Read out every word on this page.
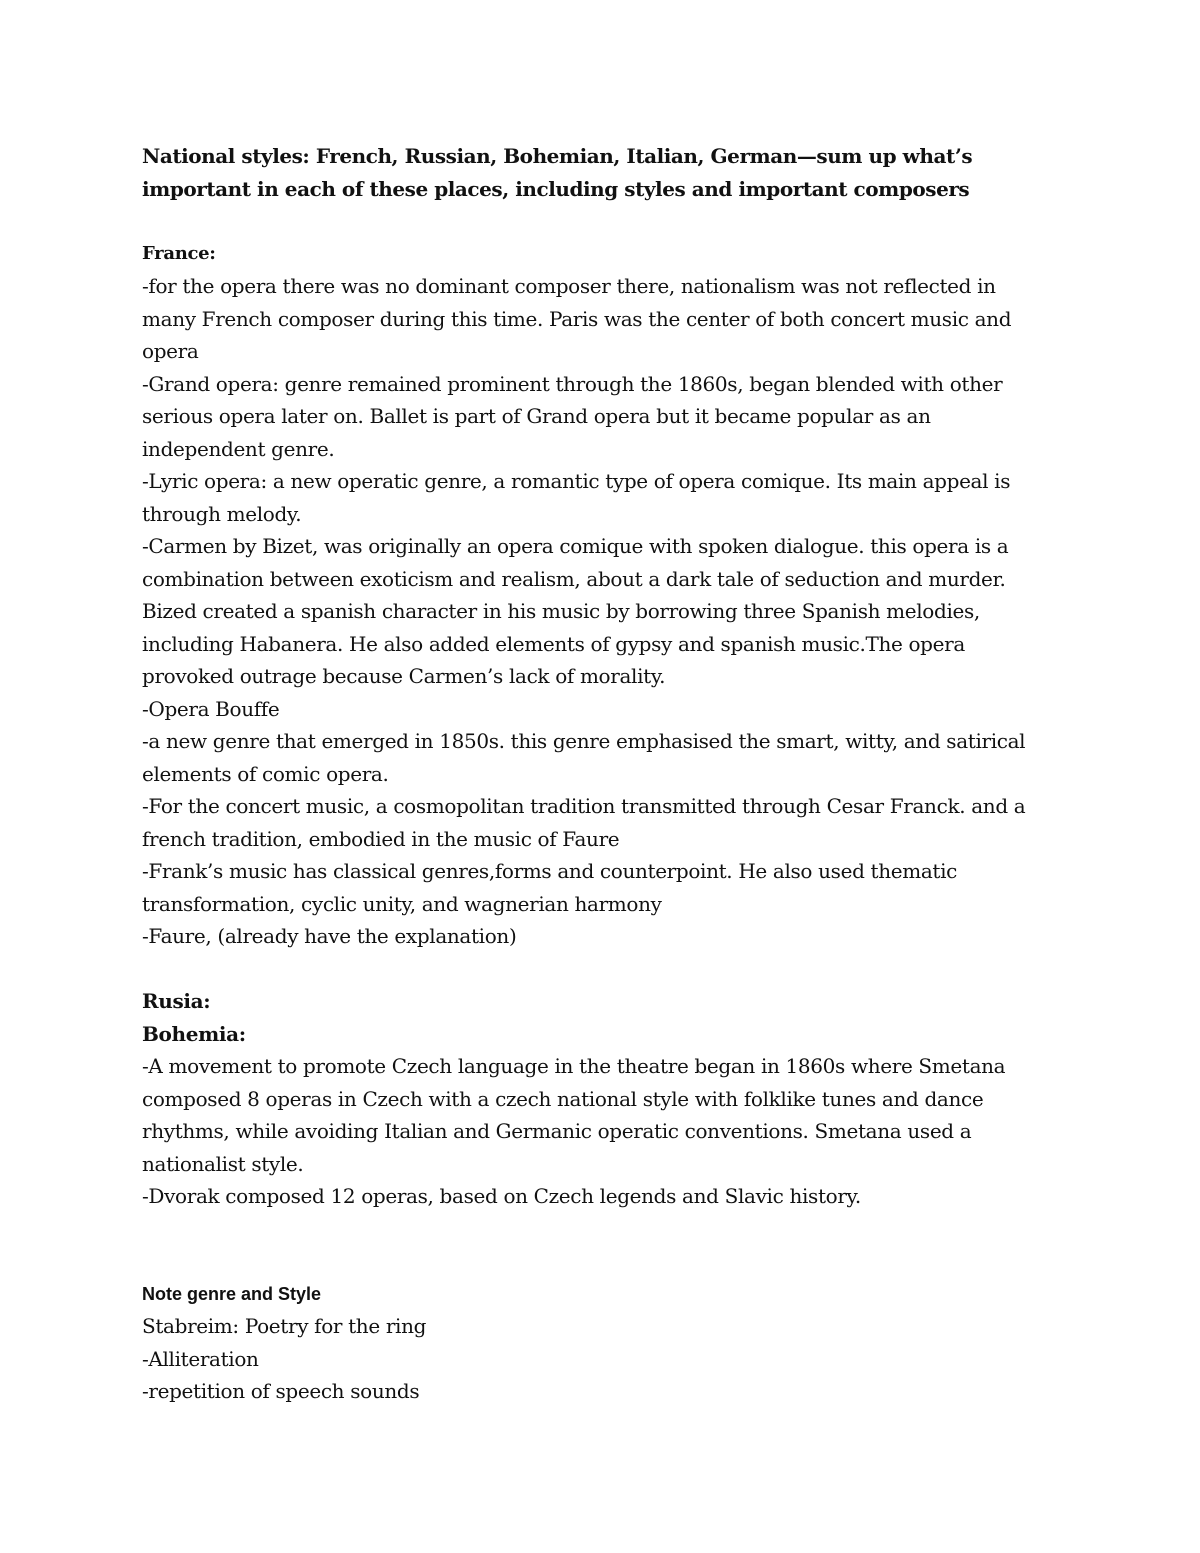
National styles: French, Russian, Bohemian, Italian, German—sum up what’s
important in each of these places, including styles and important composers
France:
-for the opera there was no dominant composer there, nationalism was not reflected in
many French composer during this time. Paris was the center of both concert music and
opera
-Grand opera: genre remained prominent through the 1860s, began blended with other
serious opera later on. Ballet is part of Grand opera but it became popular as an
independent genre.
-Lyric opera: a new operatic genre, a romantic type of opera comique. Its main appeal is
through melody.
-Carmen by Bizet, was originally an opera comique with spoken dialogue. this opera is a
combination between exoticism and realism, about a dark tale of seduction and murder.
Bized created a spanish character in his music by borrowing three Spanish melodies,
including Habanera. He also added elements of gypsy and spanish music.The opera
provoked outrage because Carmen’s lack of morality.
-Opera Bouffe
-a new genre that emerged in 1850s. this genre emphasised the smart, witty, and satirical
elements of comic opera.
-For the concert music, a cosmopolitan tradition transmitted through Cesar Franck. and a
french tradition, embodied in the music of Faure
-Frank’s music has classical genres,forms and counterpoint. He also used thematic
transformation, cyclic unity, and wagnerian harmony
-Faure, (already have the explanation)
Rusia:
Bohemia:
-A movement to promote Czech language in the theatre began in 1860s where Smetana
composed 8 operas in Czech with a czech national style with folklike tunes and dance
rhythms, while avoiding Italian and Germanic operatic conventions. Smetana used a
nationalist style.
-Dvorak composed 12 operas, based on Czech legends and Slavic history.
Note genre and Style
Stabreim: Poetry for the ring
-Alliteration
-repetition of speech sounds
